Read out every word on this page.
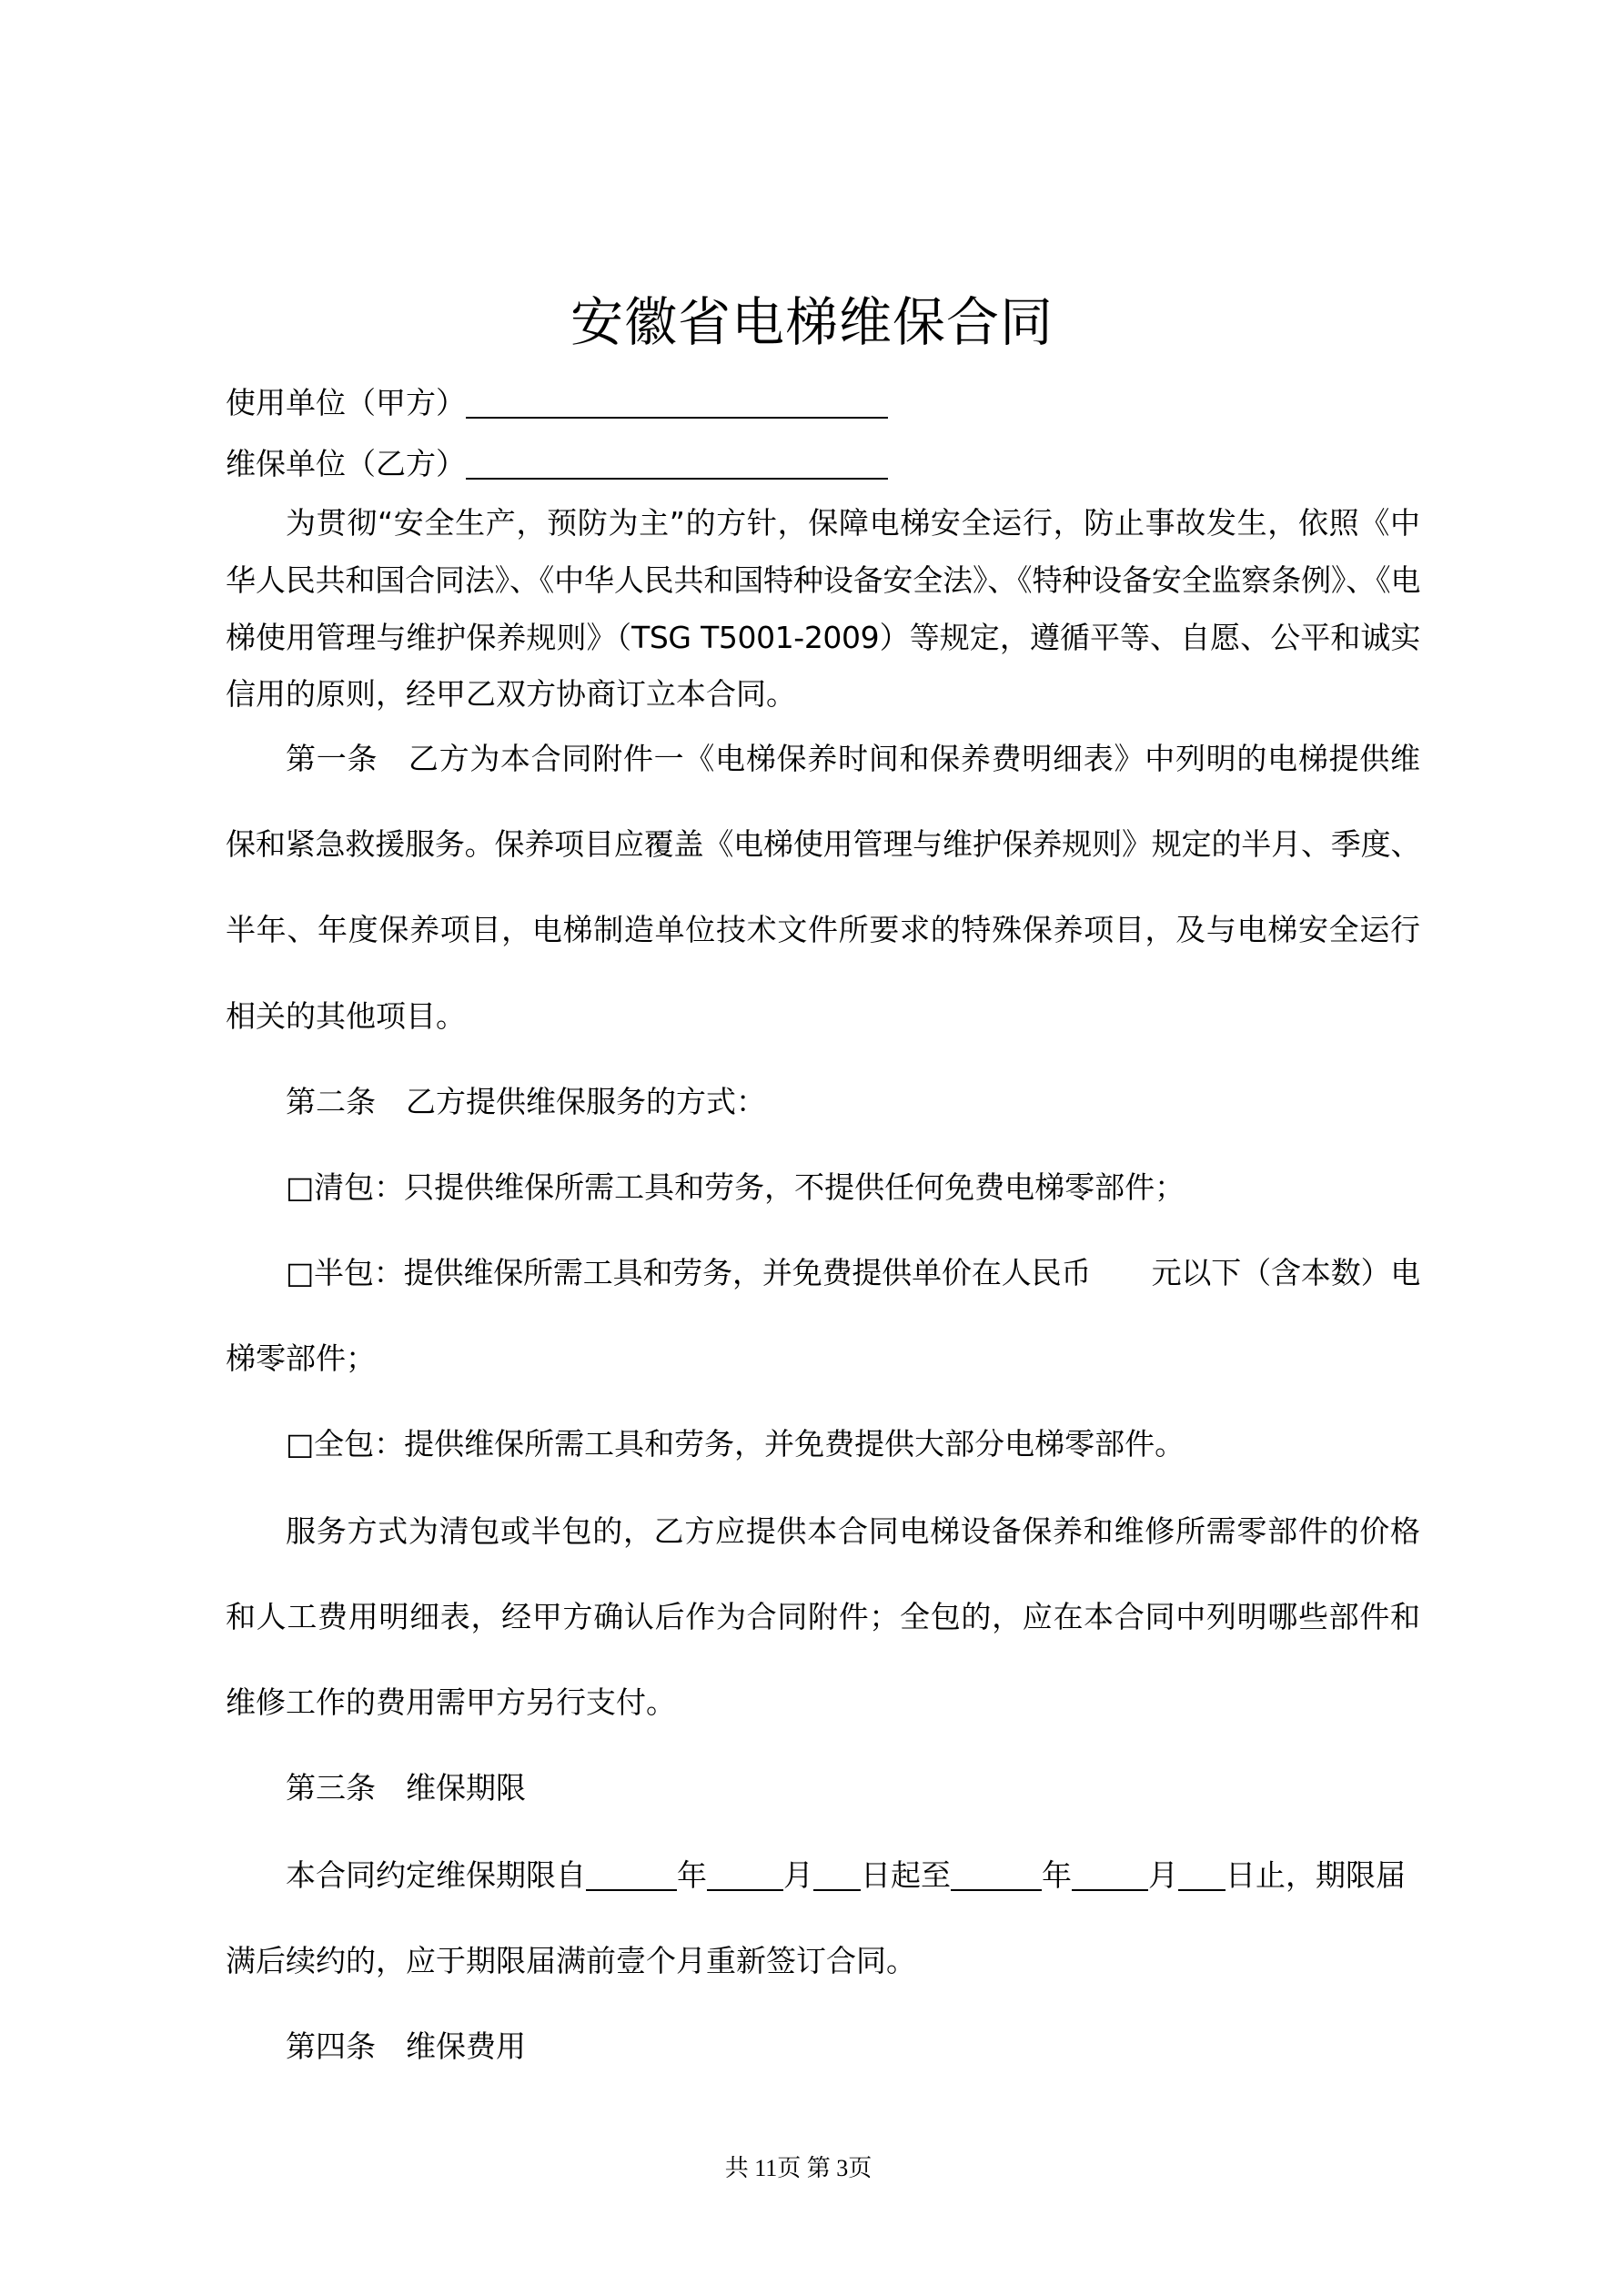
安徽省电梯维保合同
使用单位（甲方）
维保单位（乙方）
为贯彻“安全生产，预防为主”的方针，保障电梯安全运行，防止事故发生，依照《中
华人民共和国合同法》、《中华人民共和国特种设备安全法》、《特种设备安全监察条例》、《电
梯使用管理与维护保养规则》（TSG T5001-2009）等规定，遵循平等、自愿、公平和诚实
信用的原则，经甲乙双方协商订立本合同。
第一条 乙方为本合同附件一《电梯保养时间和保养费明细表》中列明的电梯提供维
保和紧急救援服务。保养项目应覆盖《电梯使用管理与维护保养规则》规定的半月、季度、
半年、年度保养项目，电梯制造单位技术文件所要求的特殊保养项目，及与电梯安全运行
相关的其他项目。
第二条 乙方提供维保服务的方式：
□清包：只提供维保所需工具和劳务，不提供任何免费电梯零部件；
□半包：提供维保所需工具和劳务，并免费提供单价在人民币 元以下（含本数）电
梯零部件；
□全包：提供维保所需工具和劳务，并免费提供大部分电梯零部件。
服务方式为清包或半包的，乙方应提供本合同电梯设备保养和维修所需零部件的价格
和人工费用明细表，经甲方确认后作为合同附件；全包的，应在本合同中列明哪些部件和
维修工作的费用需甲方另行支付。
第三条 维保期限
本合同约定维保期限自	年	月 日起至	年	月 日止，期限届
满后续约的，应于期限届满前壹个月重新签订合同。
第四条 维保费用
共 11页 第 3页
